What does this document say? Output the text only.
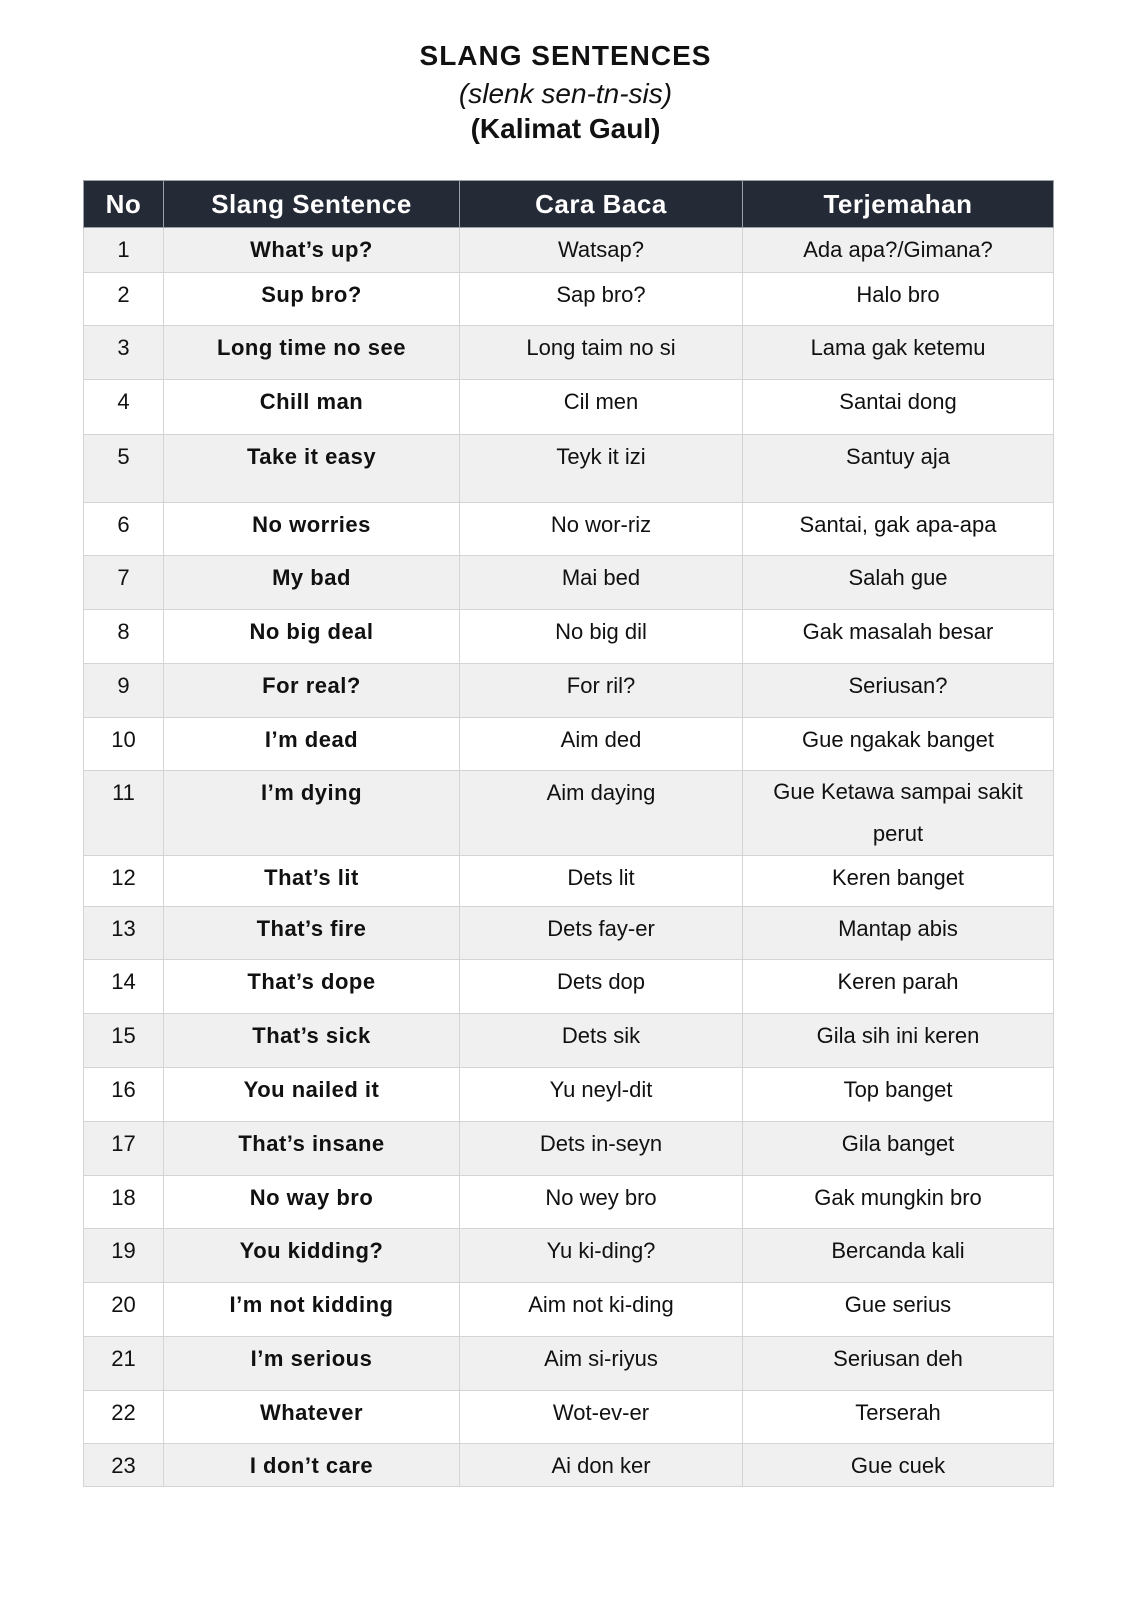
SLANG SENTENCES
(slenk sen-tn-sis)
(Kalimat Gaul)
No	Slang Sentence	Cara Baca	Terjemahan
1	What’s up?	Watsap?	Ada apa?/Gimana?
2	Sup bro?	Sap bro?	Halo bro
3	Long time no see	Long taim no si	Lama gak ketemu
4	Chill man	Cil men	Santai dong
5	Take it easy	Teyk it izi	Santuy aja
6	No worries	No wor-riz	Santai, gak apa-apa
7	My bad	Mai bed	Salah gue
8	No big deal	No big dil	Gak masalah besar
9	For real?	For ril?	Seriusan?
10	I’m dead	Aim ded	Gue ngakak banget
11	I’m dying	Aim daying	Gue Ketawa sampai sakit perut
12	That’s lit	Dets lit	Keren banget
13	That’s fire	Dets fay-er	Mantap abis
14	That’s dope	Dets dop	Keren parah
15	That’s sick	Dets sik	Gila sih ini keren
16	You nailed it	Yu neyl-dit	Top banget
17	That’s insane	Dets in-seyn	Gila banget
18	No way bro	No wey bro	Gak mungkin bro
19	You kidding?	Yu ki-ding?	Bercanda kali
20	I’m not kidding	Aim not ki-ding	Gue serius
21	I’m serious	Aim si-riyus	Seriusan deh
22	Whatever	Wot-ev-er	Terserah
23	I don’t care	Ai don ker	Gue cuek
